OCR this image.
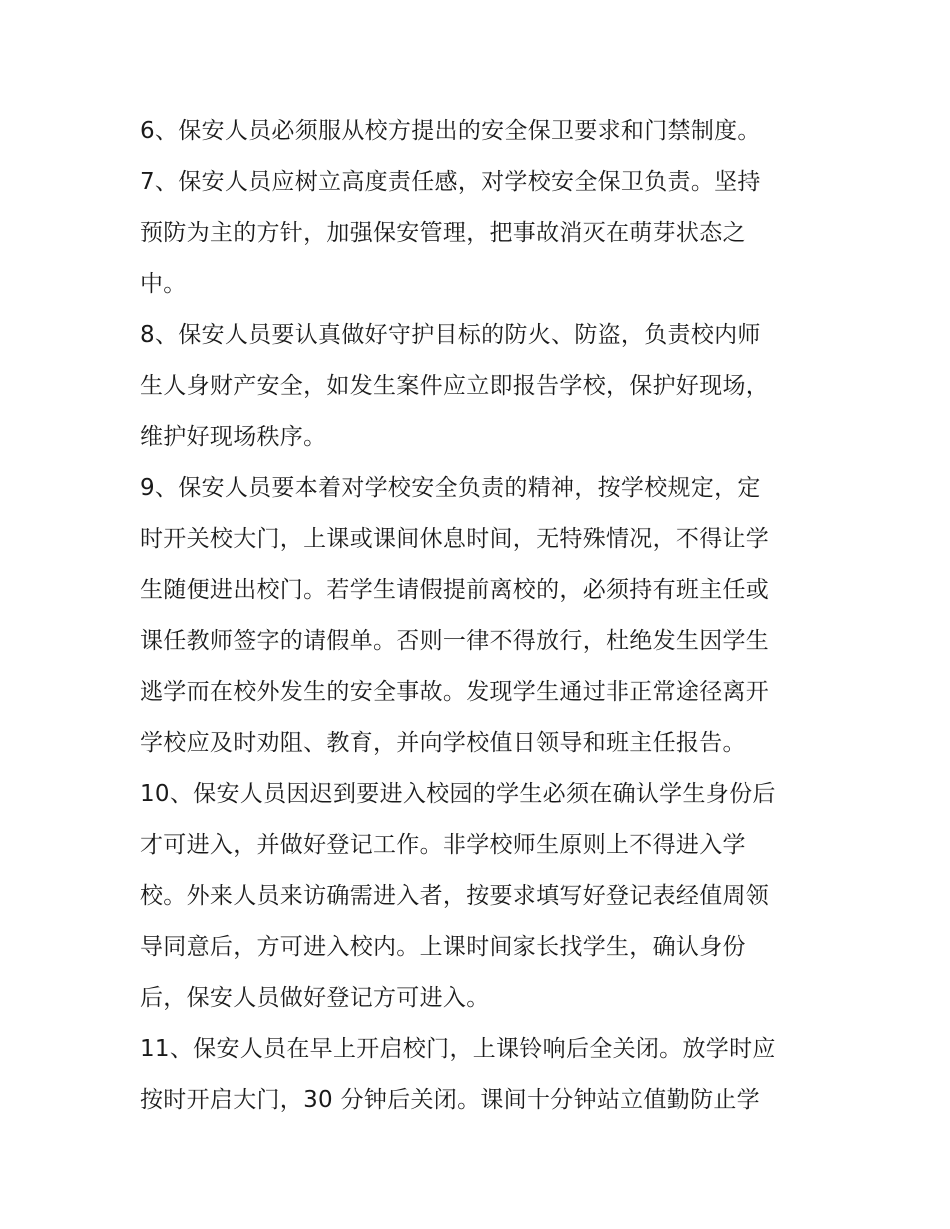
6、保安人员必须服从校方提出的安全保卫要求和门禁制度。
7、保安人员应树立高度责任感，对学校安全保卫负责。坚持
预防为主的方针，加强保安管理，把事故消灭在萌芽状态之
中。
8、保安人员要认真做好守护目标的防火、防盗，负责校内师
生人身财产安全，如发生案件应立即报告学校，保护好现场，
维护好现场秩序。
9、保安人员要本着对学校安全负责的精神，按学校规定，定
时开关校大门，上课或课间休息时间，无特殊情况，不得让学
生随便进出校门。若学生请假提前离校的，必须持有班主任或
课任教师签字的请假单。否则一律不得放行，杜绝发生因学生
逃学而在校外发生的安全事故。发现学生通过非正常途径离开
学校应及时劝阻、教育，并向学校值日领导和班主任报告。
10、保安人员因迟到要进入校园的学生必须在确认学生身份后
才可进入，并做好登记工作。非学校师生原则上不得进入学
校。外来人员来访确需进入者，按要求填写好登记表经值周领
导同意后，方可进入校内。上课时间家长找学生，确认身份
后，保安人员做好登记方可进入。
11、保安人员在早上开启校门，上课铃响后全关闭。放学时应
按时开启大门，30 分钟后关闭。课间十分钟站立值勤防止学
